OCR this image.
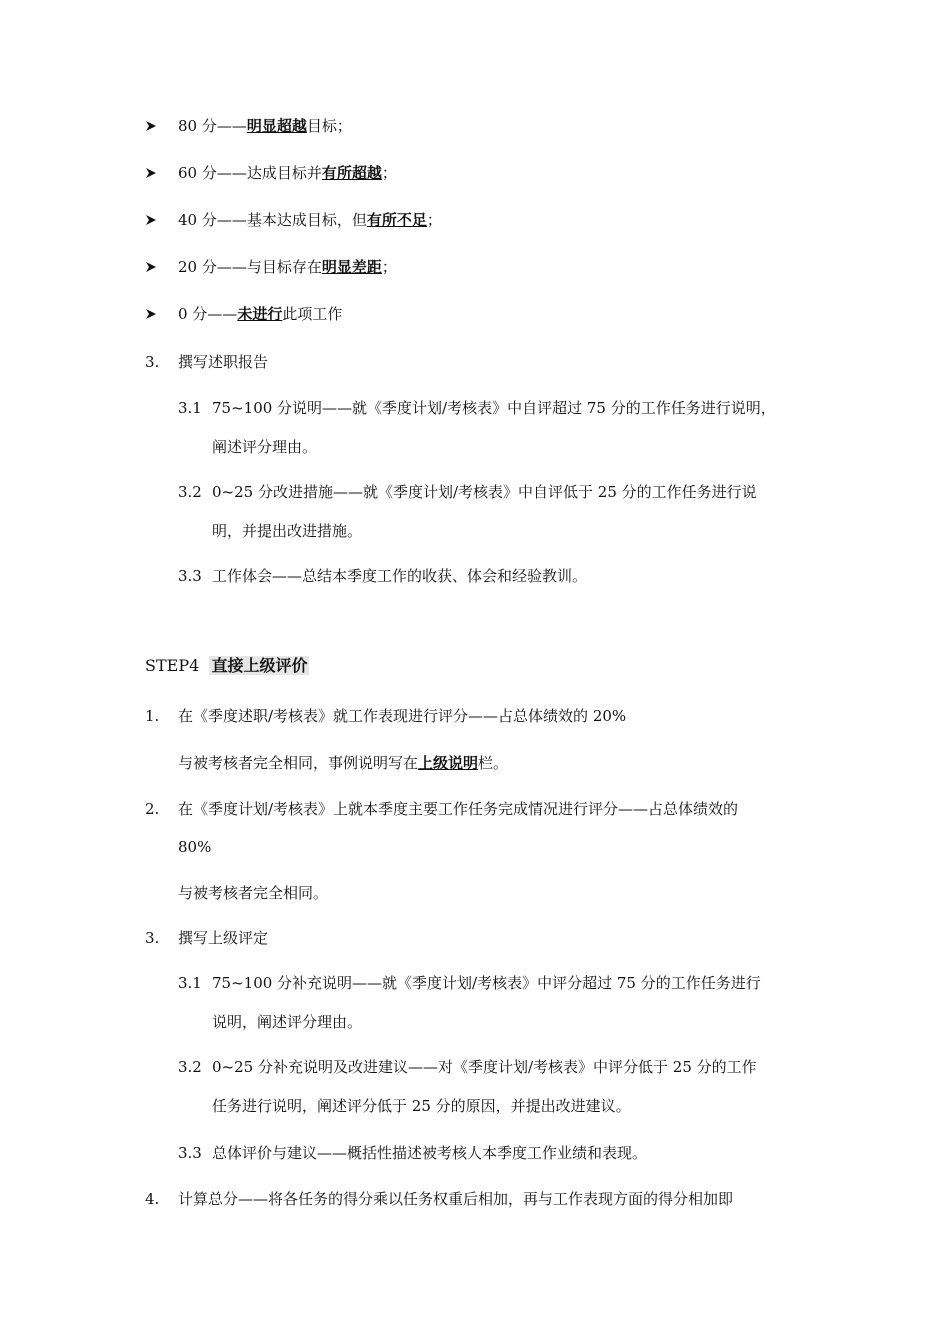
80 分——明显超越目标；
60 分——达成目标并有所超越；
40 分——基本达成目标，但有所不足；
20 分——与目标存在明显差距；
0 分——未进行此项工作
3. 撰写述职报告
3.1 75~100 分说明——就《季度计划/考核表》中自评超过 75 分的工作任务进行说明，
阐述评分理由。
3.2 0~25 分改进措施——就《季度计划/考核表》中自评低于 25 分的工作任务进行说
明，并提出改进措施。
3.3 工作体会——总结本季度工作的收获、体会和经验教训。
STEP4 直接上级评价
1. 在《季度述职/考核表》就工作表现进行评分——占总体绩效的 20%
与被考核者完全相同，事例说明写在上级说明栏。
2. 在《季度计划/考核表》上就本季度主要工作任务完成情况进行评分——占总体绩效的
80%
与被考核者完全相同。
3. 撰写上级评定
3.1 75~100 分补充说明——就《季度计划/考核表》中评分超过 75 分的工作任务进行
说明，阐述评分理由。
3.2 0~25 分补充说明及改进建议——对《季度计划/考核表》中评分低于 25 分的工作
任务进行说明，阐述评分低于 25 分的原因，并提出改进建议。
3.3 总体评价与建议——概括性描述被考核人本季度工作业绩和表现。
4. 计算总分——将各任务的得分乘以任务权重后相加，再与工作表现方面的得分相加即
